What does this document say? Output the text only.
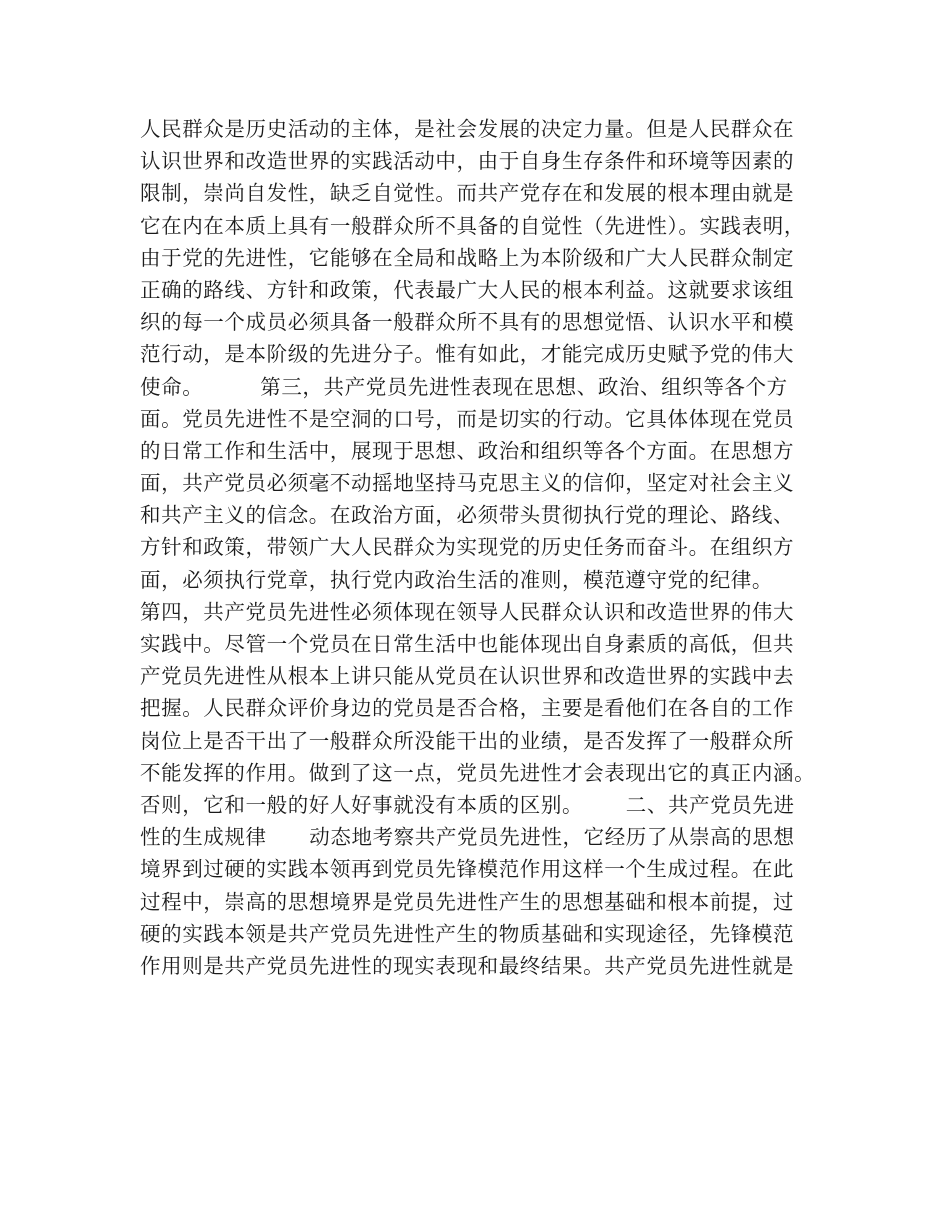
人民群众是历史活动的主体，是社会发展的决定力量。但是人民群众在
认识世界和改造世界的实践活动中，由于自身生存条件和环境等因素的
限制，崇尚自发性，缺乏自觉性。而共产党存在和发展的根本理由就是
它在内在本质上具有一般群众所不具备的自觉性（先进性）。实践表明，
由于党的先进性，它能够在全局和战略上为本阶级和广大人民群众制定
正确的路线、方针和政策，代表最广大人民的根本利益。这就要求该组
织的每一个成员必须具备一般群众所不具有的思想觉悟、认识水平和模
范行动，是本阶级的先进分子。惟有如此，才能完成历史赋予党的伟大
使命。        第三，共产党员先进性表现在思想、政治、组织等各个方
面。党员先进性不是空洞的口号，而是切实的行动。它具体体现在党员
的日常工作和生活中，展现于思想、政治和组织等各个方面。在思想方
面，共产党员必须毫不动摇地坚持马克思主义的信仰，坚定对社会主义
和共产主义的信念。在政治方面，必须带头贯彻执行党的理论、路线、
方针和政策，带领广大人民群众为实现党的历史任务而奋斗。在组织方
面，必须执行党章，执行党内政治生活的准则，模范遵守党的纪律。
第四，共产党员先进性必须体现在领导人民群众认识和改造世界的伟大
实践中。尽管一个党员在日常生活中也能体现出自身素质的高低，但共
产党员先进性从根本上讲只能从党员在认识世界和改造世界的实践中去
把握。人民群众评价身边的党员是否合格，主要是看他们在各自的工作
岗位上是否干出了一般群众所没能干出的业绩，是否发挥了一般群众所
不能发挥的作用。做到了这一点，党员先进性才会表现出它的真正内涵。
否则，它和一般的好人好事就没有本质的区别。      二、共产党员先进
性的生成规律      动态地考察共产党员先进性，它经历了从崇高的思想
境界到过硬的实践本领再到党员先锋模范作用这样一个生成过程。在此
过程中，崇高的思想境界是党员先进性产生的思想基础和根本前提，过
硬的实践本领是共产党员先进性产生的物质基础和实现途径，先锋模范
作用则是共产党员先进性的现实表现和最终结果。共产党员先进性就是
